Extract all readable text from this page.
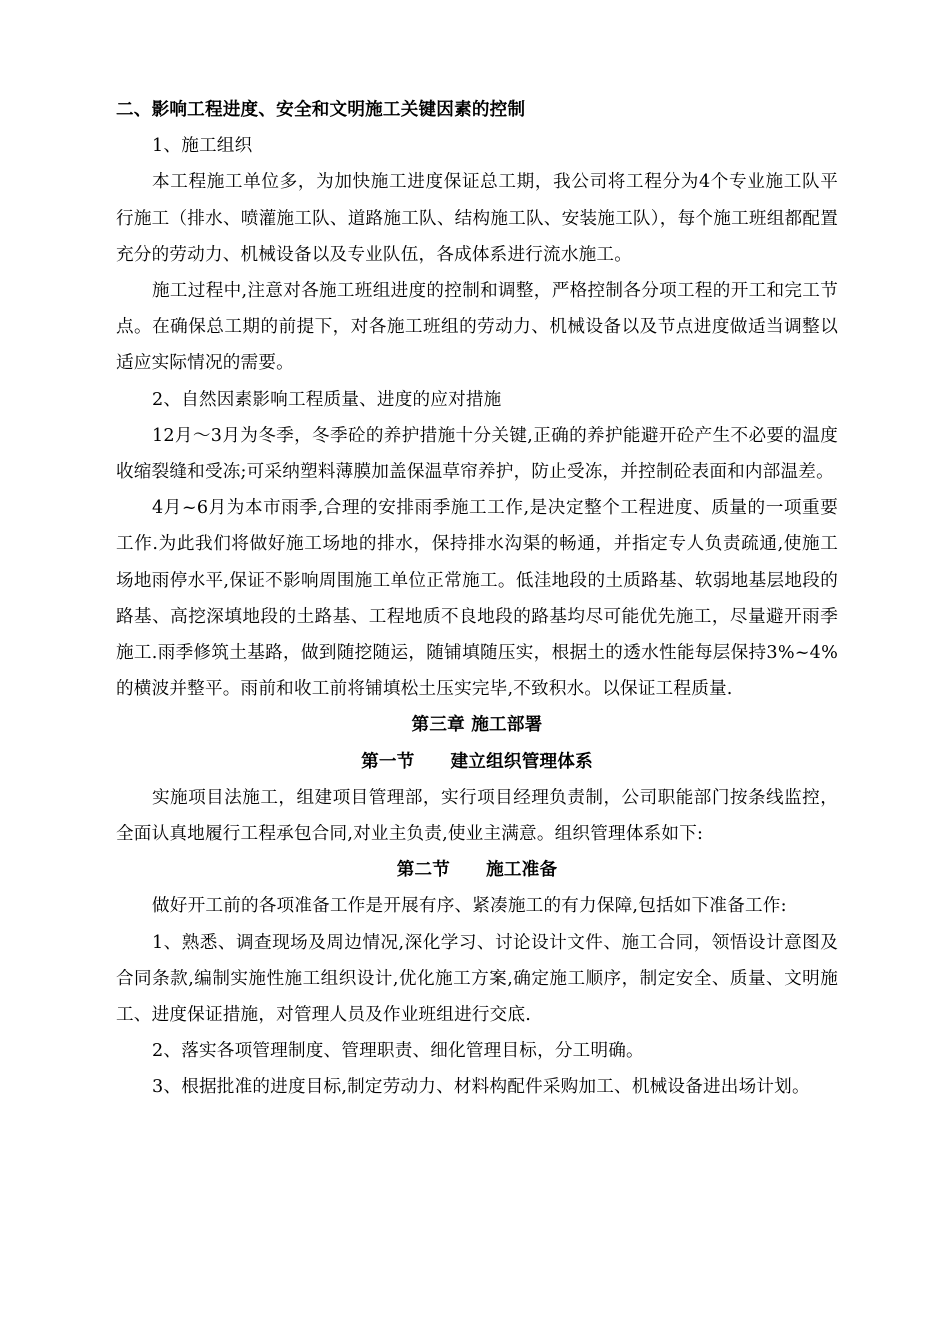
二、影响工程进度、安全和文明施工关键因素的控制

1、施工组织

本工程施工单位多，为加快施工进度保证总工期，我公司将工程分为4个专业施工队平行施工（排水、喷灌施工队、道路施工队、结构施工队、安装施工队），每个施工班组都配置充分的劳动力、机械设备以及专业队伍，各成体系进行流水施工。

施工过程中,注意对各施工班组进度的控制和调整，严格控制各分项工程的开工和完工节点。在确保总工期的前提下，对各施工班组的劳动力、机械设备以及节点进度做适当调整以适应实际情况的需要。

2、自然因素影响工程质量、进度的应对措施

12月～3月为冬季，冬季砼的养护措施十分关键,正确的养护能避开砼产生不必要的温度收缩裂缝和受冻;可采纳塑料薄膜加盖保温草帘养护，防止受冻，并控制砼表面和内部温差。

4月~6月为本市雨季,合理的安排雨季施工工作,是决定整个工程进度、质量的一项重要工作.为此我们将做好施工场地的排水，保持排水沟渠的畅通，并指定专人负责疏通,使施工场地雨停水平,保证不影响周围施工单位正常施工。低洼地段的土质路基、软弱地基层地段的路基、高挖深填地段的土路基、工程地质不良地段的路基均尽可能优先施工，尽量避开雨季施工.雨季修筑土基路，做到随挖随运，随铺填随压实，根据土的透水性能每层保持3%~4%的横波并整平。雨前和收工前将铺填松土压实完毕,不致积水。以保证工程质量.

第三章 施工部署

第一节 建立组织管理体系

实施项目法施工，组建项目管理部，实行项目经理负责制，公司职能部门按条线监控，全面认真地履行工程承包合同,对业主负责,使业主满意。组织管理体系如下:

第二节 施工准备

做好开工前的各项准备工作是开展有序、紧凑施工的有力保障,包括如下准备工作:

1、熟悉、调查现场及周边情况,深化学习、讨论设计文件、施工合同，领悟设计意图及合同条款,编制实施性施工组织设计,优化施工方案,确定施工顺序，制定安全、质量、文明施工、进度保证措施，对管理人员及作业班组进行交底.

2、落实各项管理制度、管理职责、细化管理目标，分工明确。

3、根据批准的进度目标,制定劳动力、材料构配件采购加工、机械设备进出场计划。
